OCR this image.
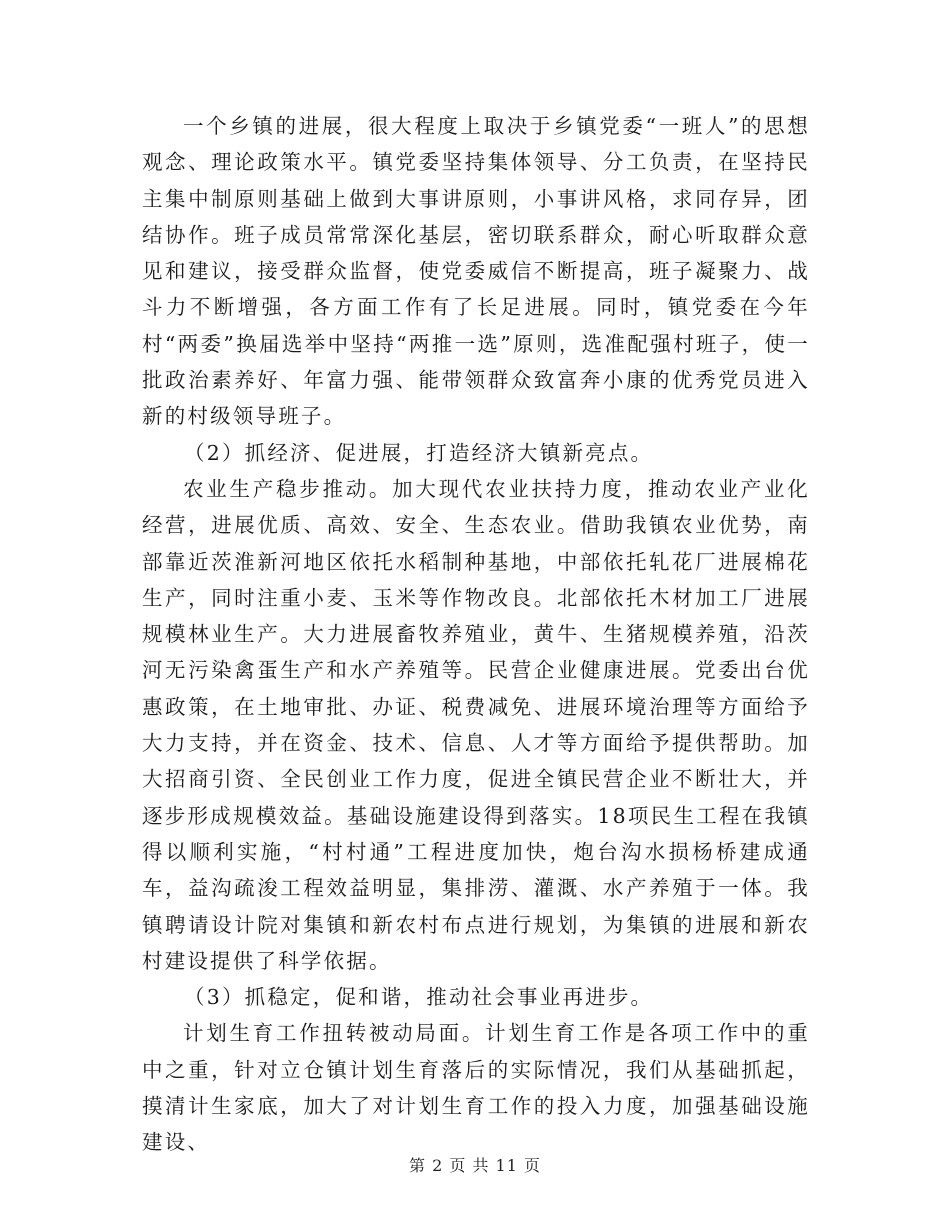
一个乡镇的进展，很大程度上取决于乡镇党委“一班人”的思想观念、理论政策水平。镇党委坚持集体领导、分工负责，在坚持民主集中制原则基础上做到大事讲原则，小事讲风格，求同存异，团结协作。班子成员常常深化基层，密切联系群众，耐心听取群众意见和建议，接受群众监督，使党委威信不断提高，班子凝聚力、战斗力不断增强，各方面工作有了长足进展。同时，镇党委在今年村“两委”换届选举中坚持“两推一选”原则，选准配强村班子，使一批政治素养好、年富力强、能带领群众致富奔小康的优秀党员进入新的村级领导班子。

（2）抓经济、促进展，打造经济大镇新亮点。

农业生产稳步推动。加大现代农业扶持力度，推动农业产业化经营，进展优质、高效、安全、生态农业。借助我镇农业优势，南部靠近茨淮新河地区依托水稻制种基地，中部依托轧花厂进展棉花生产，同时注重小麦、玉米等作物改良。北部依托木材加工厂进展规模林业生产。大力进展畜牧养殖业，黄牛、生猪规模养殖，沿茨河无污染禽蛋生产和水产养殖等。民营企业健康进展。党委出台优惠政策，在土地审批、办证、税费减免、进展环境治理等方面给予大力支持，并在资金、技术、信息、人才等方面给予提供帮助。加大招商引资、全民创业工作力度，促进全镇民营企业不断壮大，并逐步形成规模效益。基础设施建设得到落实。18项民生工程在我镇得以顺利实施，“村村通”工程进度加快，炮台沟水损杨桥建成通车，益沟疏浚工程效益明显，集排涝、灌溉、水产养殖于一体。我镇聘请设计院对集镇和新农村布点进行规划，为集镇的进展和新农村建设提供了科学依据。

（3）抓稳定，促和谐，推动社会事业再进步。

计划生育工作扭转被动局面。计划生育工作是各项工作中的重中之重，针对立仓镇计划生育落后的实际情况，我们从基础抓起，摸清计生家底，加大了对计划生育工作的投入力度，加强基础设施建设、

第 2 页 共 11 页
